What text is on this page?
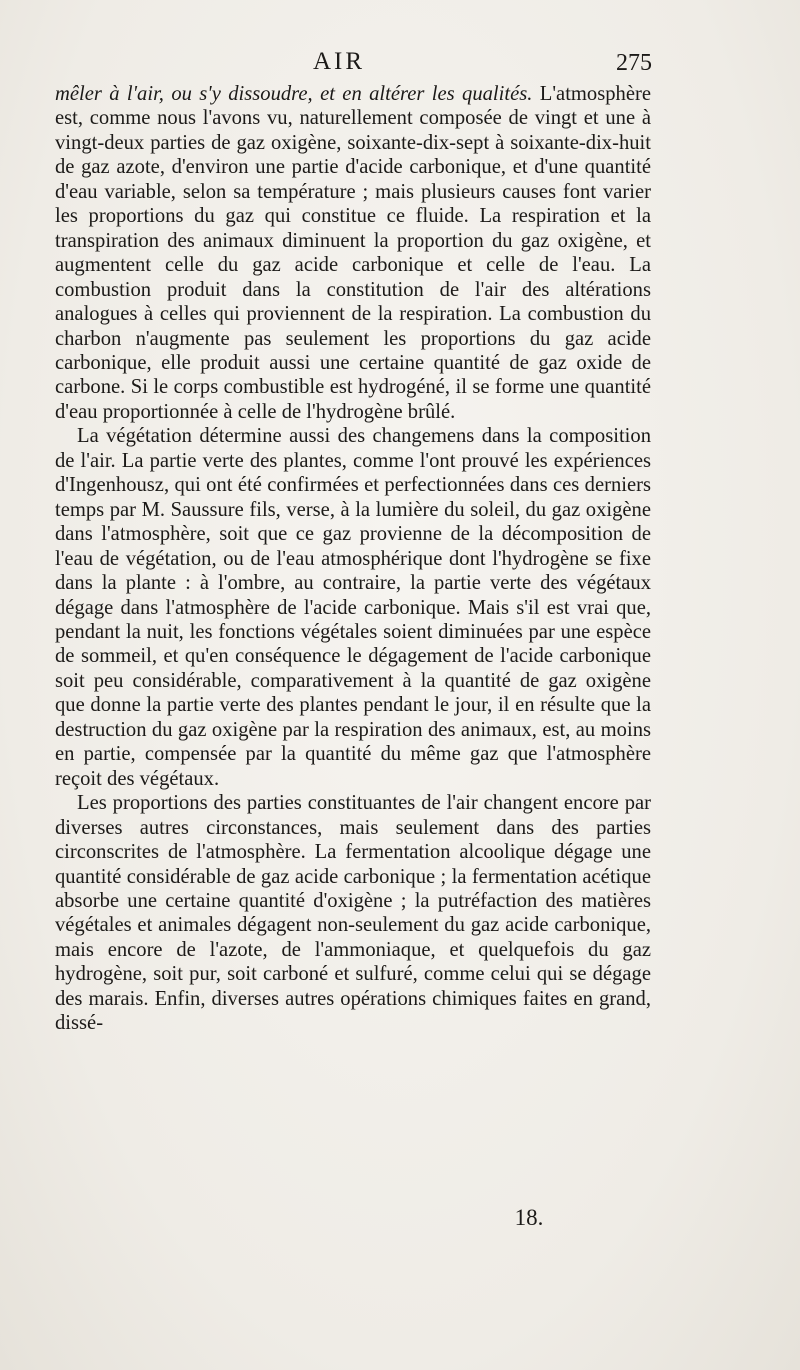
AIR	275

mêler à l'air, ou s'y dissoudre, et en altérer les qualités. L'atmosphère est, comme nous l'avons vu, naturellement composée de vingt et une à vingt-deux parties de gaz oxigène, soixante-dix-sept à soixante-dix-huit de gaz azote, d'environ une partie d'acide carbonique, et d'une quantité d'eau variable, selon sa température ; mais plusieurs causes font varier les proportions du gaz qui constitue ce fluide. La respiration et la transpiration des animaux diminuent la proportion du gaz oxigène, et augmentent celle du gaz acide carbonique et celle de l'eau. La combustion produit dans la constitution de l'air des altérations analogues à celles qui proviennent de la respiration. La combustion du charbon n'augmente pas seulement les proportions du gaz acide carbonique, elle produit aussi une certaine quantité de gaz oxide de carbone. Si le corps combustible est hydrogéné, il se forme une quantité d'eau proportionnée à celle de l'hydrogène brûlé.

La végétation détermine aussi des changemens dans la composition de l'air. La partie verte des plantes, comme l'ont prouvé les expériences d'Ingenhousz, qui ont été confirmées et perfectionnées dans ces derniers temps par M. Saussure fils, verse, à la lumière du soleil, du gaz oxigène dans l'atmosphère, soit que ce gaz provienne de la décomposition de l'eau de végétation, ou de l'eau atmosphérique dont l'hydrogène se fixe dans la plante : à l'ombre, au contraire, la partie verte des végétaux dégage dans l'atmosphère de l'acide carbonique. Mais s'il est vrai que, pendant la nuit, les fonctions végétales soient diminuées par une espèce de sommeil, et qu'en conséquence le dégagement de l'acide carbonique soit peu considérable, comparativement à la quantité de gaz oxigène que donne la partie verte des plantes pendant le jour, il en résulte que la destruction du gaz oxigène par la respiration des animaux, est, au moins en partie, compensée par la quantité du même gaz que l'atmosphère reçoit des végétaux.

Les proportions des parties constituantes de l'air changent encore par diverses autres circonstances, mais seulement dans des parties circonscrites de l'atmosphère. La fermentation alcoolique dégage une quantité considérable de gaz acide carbonique ; la fermentation acétique absorbe une certaine quantité d'oxigène ; la putréfaction des matières végétales et animales dégagent non-seulement du gaz acide carbonique, mais encore de l'azote, de l'ammoniaque, et quelquefois du gaz hydrogène, soit pur, soit carboné et sulfuré, comme celui qui se dégage des marais. Enfin, diverses autres opérations chimiques faites en grand, dissé-

18.
